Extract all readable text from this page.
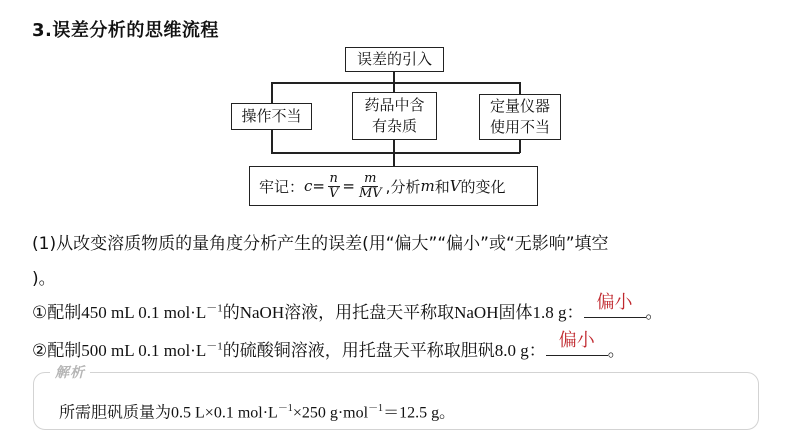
3.误差分析的思维流程
误差的引入
操作不当
药品中含
有杂质
定量仪器
使用不当
牢记： $c = \frac{n}{V} = \frac{m}{MV}$ ,分析 m 和 V 的变化
(1)从改变溶质物质的量角度分析产生的误差(用“偏大”“偏小”或“无影响”填空
)。
①配制450 mL 0.1 $mol\cdot L^{-1}$的NaOH溶液，用托盘天平称取NaOH固体1.8 g： 偏小 。
②配制500 mL 0.1 $mol\cdot L^{-1}$的硫酸铜溶液，用托盘天平称取胆矾8.0 g： 偏小 。
解析
所需胆矾质量为0.5 L×0.1 $mol\cdot L^{-1}\times 250$ g·mol$^{-1}$＝12.5 g。
